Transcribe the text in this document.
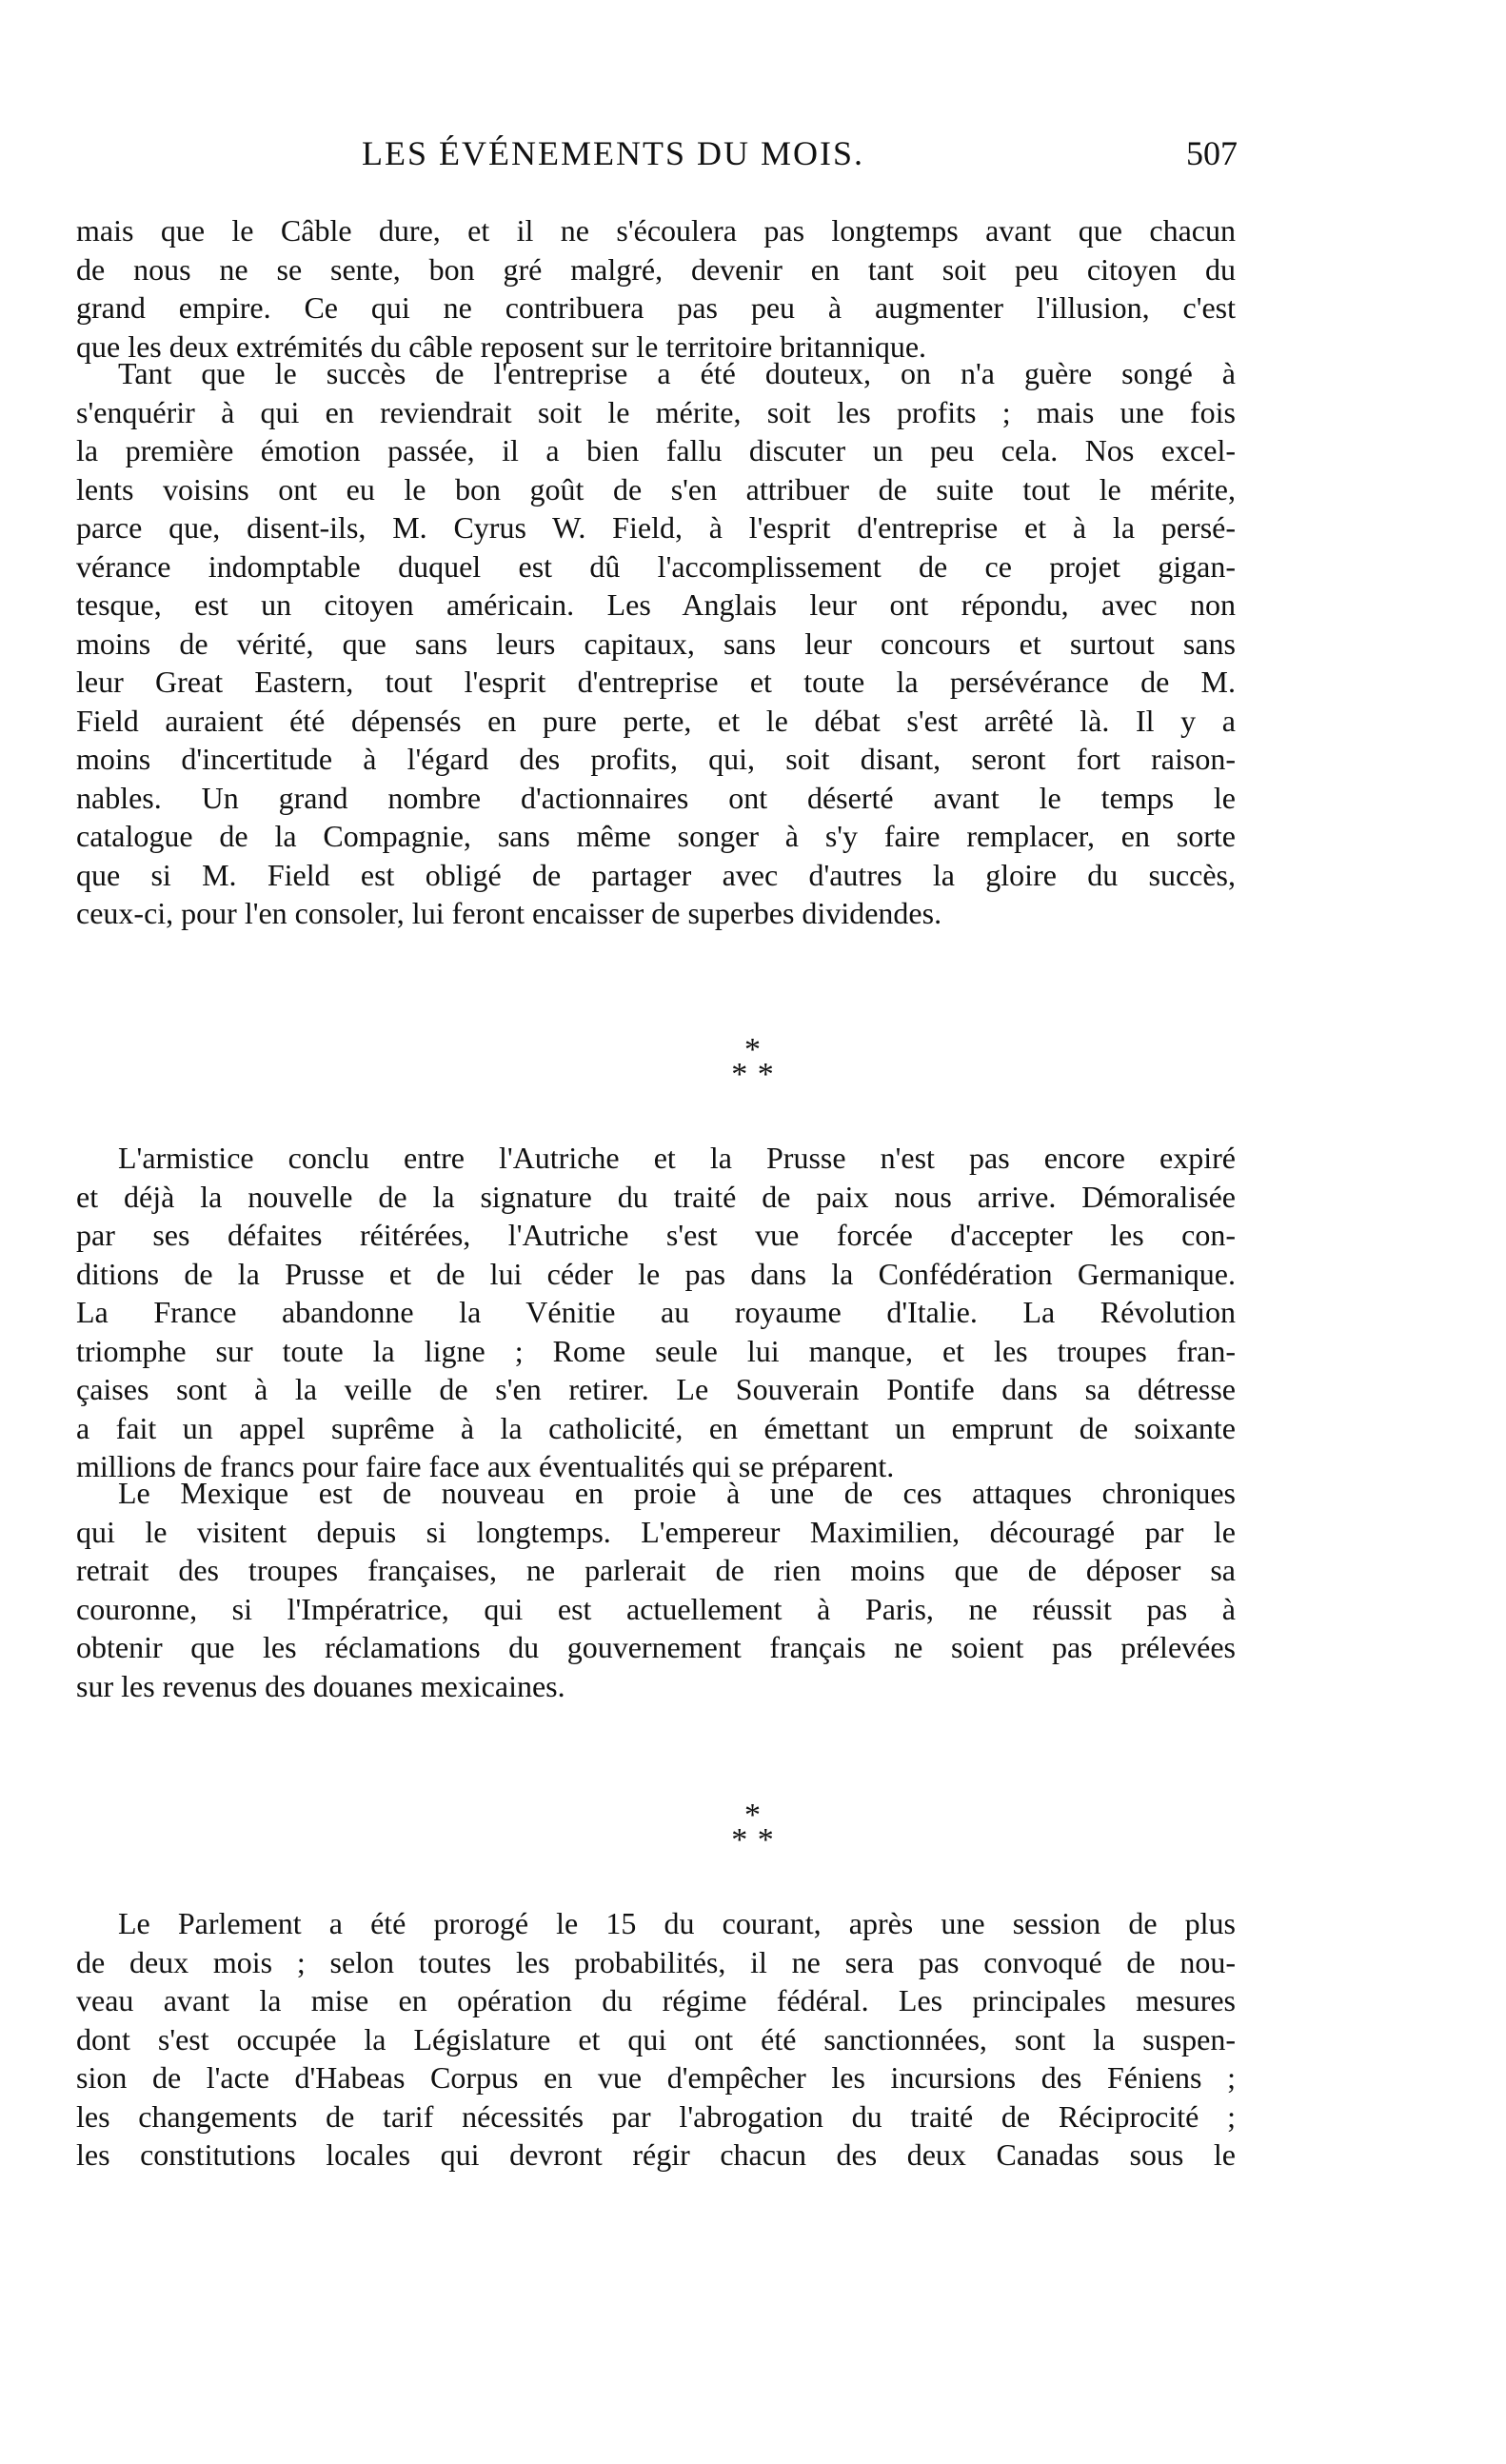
LES ÉVÉNEMENTS DU MOIS.	507
mais que le Câble dure, et il ne s'écoulera pas longtemps avant que chacun
de nous ne se sente, bon gré malgré, devenir en tant soit peu citoyen du
grand empire. Ce qui ne contribuera pas peu à augmenter l'illusion, c'est
que les deux extrémités du câble reposent sur le territoire britannique.
Tant que le succès de l'entreprise a été douteux, on n'a guère songé à
s'enquérir à qui en reviendrait soit le mérite, soit les profits ; mais une fois
la première émotion passée, il a bien fallu discuter un peu cela. Nos excel-
lents voisins ont eu le bon goût de s'en attribuer de suite tout le mérite,
parce que, disent-ils, M. Cyrus W. Field, à l'esprit d'entreprise et à la persé-
vérance indomptable duquel est dû l'accomplissement de ce projet gigan-
tesque, est un citoyen américain. Les Anglais leur ont répondu, avec non
moins de vérité, que sans leurs capitaux, sans leur concours et surtout sans
leur Great Eastern, tout l'esprit d'entreprise et toute la persévérance de M.
Field auraient été dépensés en pure perte, et le débat s'est arrêté là. Il y a
moins d'incertitude à l'égard des profits, qui, soit disant, seront fort raison-
nables. Un grand nombre d'actionnaires ont déserté avant le temps le
catalogue de la Compagnie, sans même songer à s'y faire remplacer, en sorte
que si M. Field est obligé de partager avec d'autres la gloire du succès,
ceux-ci, pour l'en consoler, lui feront encaisser de superbes dividendes.
*
* *
L'armistice conclu entre l'Autriche et la Prusse n'est pas encore expiré
et déjà la nouvelle de la signature du traité de paix nous arrive. Démoralisée
par ses défaites réitérées, l'Autriche s'est vue forcée d'accepter les con-
ditions de la Prusse et de lui céder le pas dans la Confédération Germanique.
La France abandonne la Vénitie au royaume d'Italie. La Révolution
triomphe sur toute la ligne ; Rome seule lui manque, et les troupes fran-
çaises sont à la veille de s'en retirer. Le Souverain Pontife dans sa détresse
a fait un appel suprême à la catholicité, en émettant un emprunt de soixante
millions de francs pour faire face aux éventualités qui se préparent.
Le Mexique est de nouveau en proie à une de ces attaques chroniques
qui le visitent depuis si longtemps. L'empereur Maximilien, découragé par le
retrait des troupes françaises, ne parlerait de rien moins que de déposer sa
couronne, si l'Impératrice, qui est actuellement à Paris, ne réussit pas à
obtenir que les réclamations du gouvernement français ne soient pas prélevées
sur les revenus des douanes mexicaines.
*
* *
Le Parlement a été prorogé le 15 du courant, après une session de plus
de deux mois ; selon toutes les probabilités, il ne sera pas convoqué de nou-
veau avant la mise en opération du régime fédéral. Les principales mesures
dont s'est occupée la Législature et qui ont été sanctionnées, sont la suspen-
sion de l'acte d'Habeas Corpus en vue d'empêcher les incursions des Féniens ;
les changements de tarif nécessités par l'abrogation du traité de Réciprocité ;
les constitutions locales qui devront régir chacun des deux Canadas sous le
